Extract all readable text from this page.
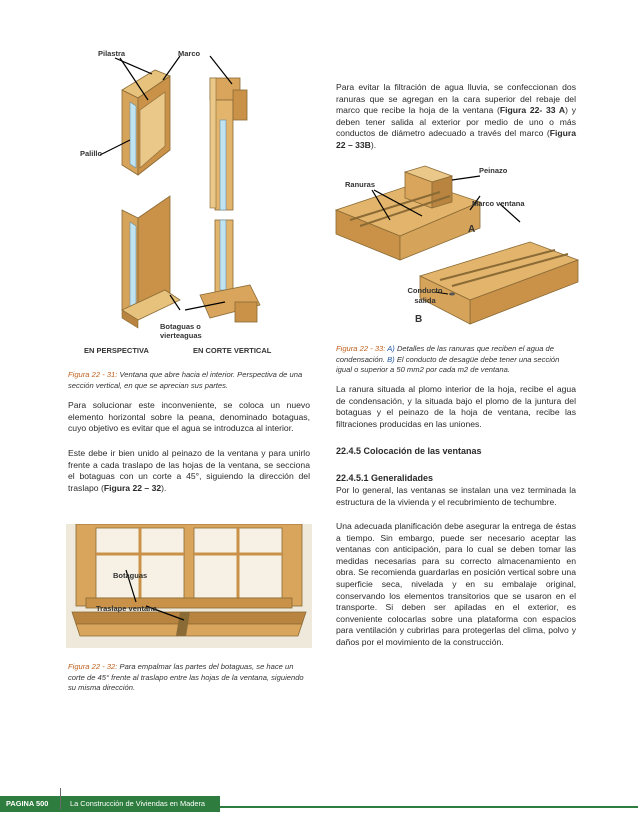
Pilastra	Marco
Palillo
Botaguas o vierteaguas
EN PERSPECTIVA	EN CORTE VERTICAL
Figura 22 - 31: Ventana que abre hacia el interior. Perspectiva de una sección vertical, en que se aprecian sus partes.
Para solucionar este inconveniente, se coloca un nuevo elemento horizontal sobre la peana, denominado botaguas, cuyo objetivo es evitar que el agua se introduzca al interior.
Este debe ir bien unido al peinazo de la ventana y para unirlo frente a cada traslapo de las hojas de la ventana, se secciona el botaguas con un corte a 45°, siguiendo la dirección del traslapo (Figura 22 – 32).
Botaguas
Traslape ventana
Figura 22 - 32: Para empalmar las partes del botaguas, se hace un corte de 45° frente al traslapo entre las hojas de la ventana, siguiendo su misma dirección.
Para evitar la filtración de agua lluvia, se confeccionan dos ranuras que se agregan en la cara superior del rebaje del marco que recibe la hoja de la ventana (Figura 22- 33 A) y deben tener salida al exterior por medio de uno o más conductos de diámetro adecuado a través del marco (Figura 22 – 33B).
Peinazo
Ranuras
Marco ventana
A
Conducto salida
B
Figura 22 - 33: A) Detalles de las ranuras que reciben el agua de condensación. B) El conducto de desagüe debe tener una sección igual o superior a 50 mm2 por cada m2 de ventana.
La ranura situada al plomo interior de la hoja, recibe el agua de condensación, y la situada bajo el plomo de la juntura del botaguas y el peinazo de la hoja de ventana, recibe las filtraciones producidas en las uniones.
22.4.5 Colocación de las ventanas
22.4.5.1 Generalidades
Por lo general, las ventanas se instalan una vez terminada la estructura de la vivienda y el recubrimiento de techumbre.
Una adecuada planificación debe asegurar la entrega de éstas a tiempo. Sin embargo, puede ser necesario aceptar las ventanas con anticipación, para lo cual se deben tomar las medidas necesarias para su correcto almacenamiento en obra. Se recomienda guardarlas en posición vertical sobre una superficie seca, nivelada y en su embalaje original, conservando los elementos transitorios que se usaron en el transporte. Si deben ser apiladas en el exterior, es conveniente colocarlas sobre una plataforma con espacios para ventilación y cubrirlas para protegerlas del clima, polvo y daños por el movimiento de la construcción.
PAGINA 500	La Construcción de Viviendas en Madera
